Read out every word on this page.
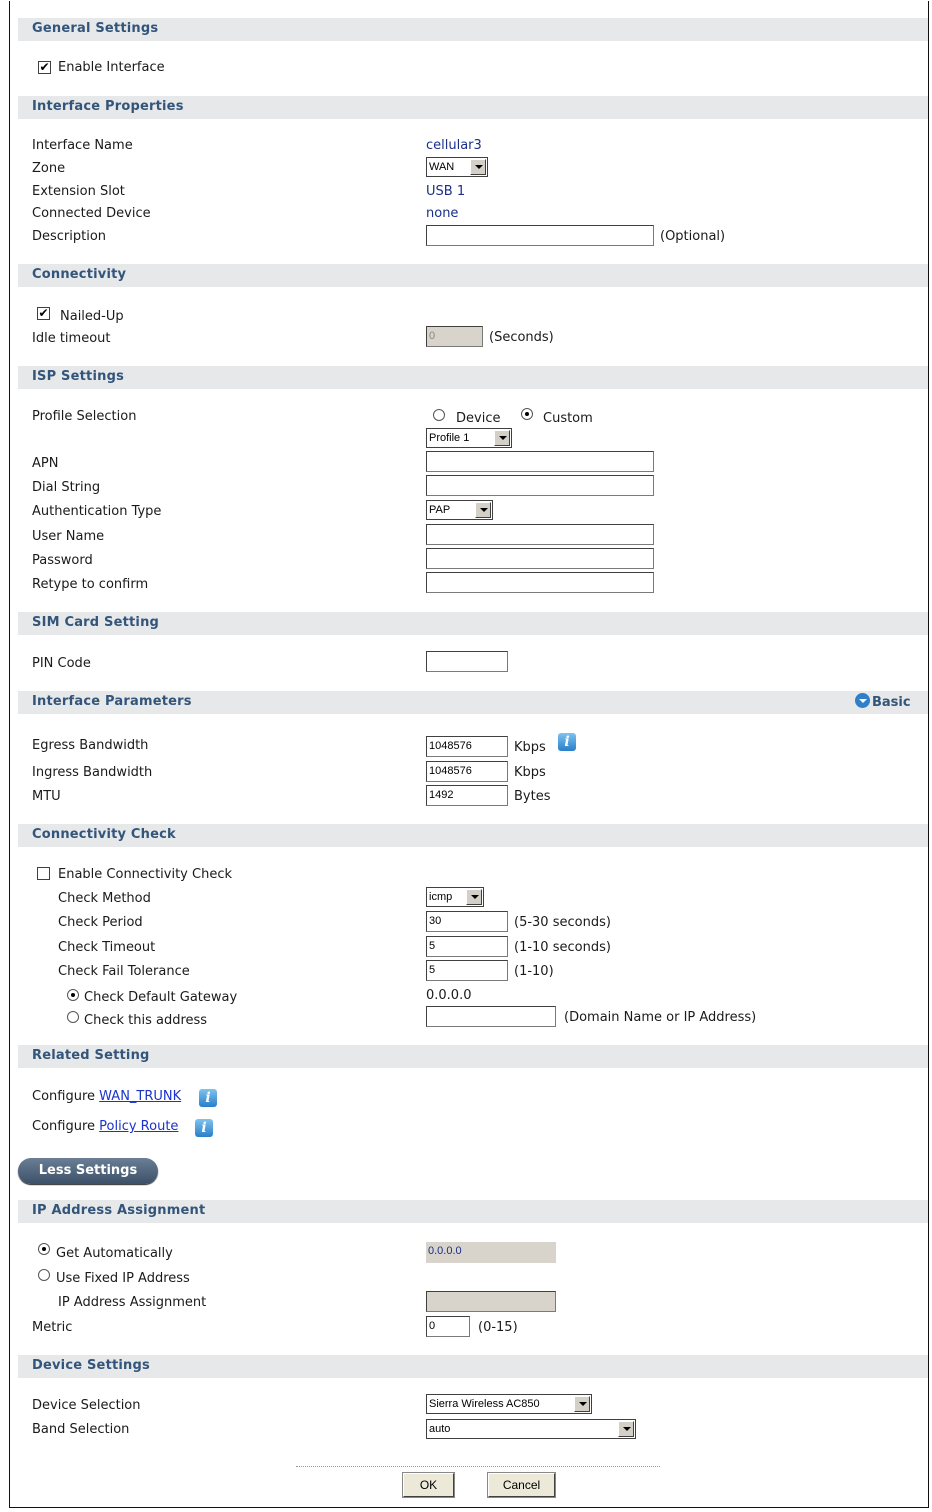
General Settings
✔ Enable Interface
Interface Properties
Interface Name	cellular3
Zone	WAN
Extension Slot	USB 1
Connected Device	none
Description	(Optional)
Connectivity
✔ Nailed-Up
Idle timeout	0	(Seconds)
ISP Settings
Profile Selection	Device	Custom
Profile 1
APN
Dial String
Authentication Type	PAP
User Name
Password
Retype to confirm
SIM Card Setting
PIN Code
Interface Parameters	Basic
Egress Bandwidth	1048576	Kbps	i
Ingress Bandwidth	1048576	Kbps
MTU	1492	Bytes
Connectivity Check
Enable Connectivity Check
Check Method	icmp
Check Period	30	(5-30 seconds)
Check Timeout	5	(1-10 seconds)
Check Fail Tolerance	5	(1-10)
Check Default Gateway	0.0.0.0
Check this address	(Domain Name or IP Address)
Related Setting
Configure WAN_TRUNK	i
Configure Policy Route	i
Less Settings
IP Address Assignment
Get Automatically	0.0.0.0
Use Fixed IP Address
IP Address Assignment
Metric	0	(0-15)
Device Settings
Device Selection	Sierra Wireless AC850
Band Selection	auto
OK	Cancel
